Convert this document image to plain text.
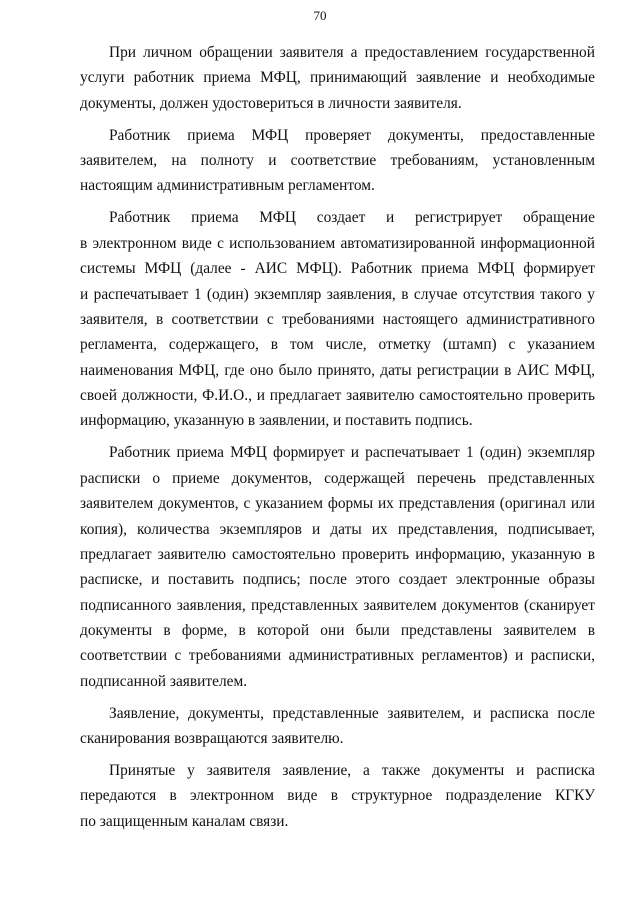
70
При личном обращении заявителя а предоставлением государственной
услуги работник приема МФЦ, принимающий заявление и необходимые
документы, должен удостовериться в личности заявителя.
Работник приема МФЦ проверяет документы, предоставленные
заявителем, на полноту и соответствие требованиям, установленным
настоящим административным регламентом.
Работник приема МФЦ создает и регистрирует обращение
в электронном виде с использованием автоматизированной информационной
системы МФЦ (далее - АИС МФЦ). Работник приема МФЦ формирует
и распечатывает 1 (один) экземпляр заявления, в случае отсутствия такого у
заявителя, в соответствии с требованиями настоящего административного
регламента, содержащего, в том числе, отметку (штамп) с указанием
наименования МФЦ, где оно было принято, даты регистрации в АИС МФЦ,
своей должности, Ф.И.О., и предлагает заявителю самостоятельно проверить
информацию, указанную в заявлении, и поставить подпись.
Работник приема МФЦ формирует и распечатывает 1 (один) экземпляр
расписки о приеме документов, содержащей перечень представленных
заявителем документов, с указанием формы их представления (оригинал или
копия), количества экземпляров и даты их представления, подписывает,
предлагает заявителю самостоятельно проверить информацию, указанную в
расписке, и поставить подпись; после этого создает электронные образы
подписанного заявления, представленных заявителем документов (сканирует
документы в форме, в которой они были представлены заявителем в
соответствии с требованиями административных регламентов) и расписки,
подписанной заявителем.
Заявление, документы, представленные заявителем, и расписка после
сканирования возвращаются заявителю.
Принятые у заявителя заявление, а также документы и расписка
передаются в электронном виде в структурное подразделение КГКУ
по защищенным каналам связи.
